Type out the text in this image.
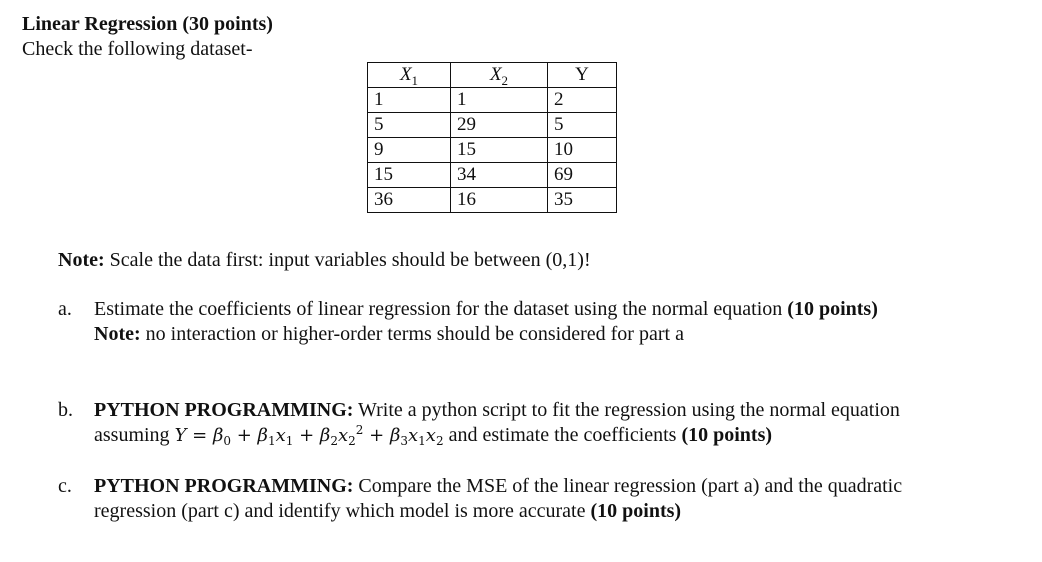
Linear Regression (30 points)
Check the following dataset-
$X_1$	$X_2$	Y
1	1	2
5	29	5
9	15	10
15	34	69
36	16	35
Note: Scale the data first: input variables should be between (0,1)!
a. Estimate the coefficients of linear regression for the dataset using the normal equation (10 points)
Note: no interaction or higher-order terms should be considered for part a
b. PYTHON PROGRAMMING: Write a python script to fit the regression using the normal equation
assuming $Y = \beta_0 + \beta_1x_1 + \beta_2x_2^2 + \beta_3x_1x_2$ and estimate the coefficients (10 points)
c. PYTHON PROGRAMMING: Compare the MSE of the linear regression (part a) and the quadratic
regression (part c) and identify which model is more accurate (10 points)
